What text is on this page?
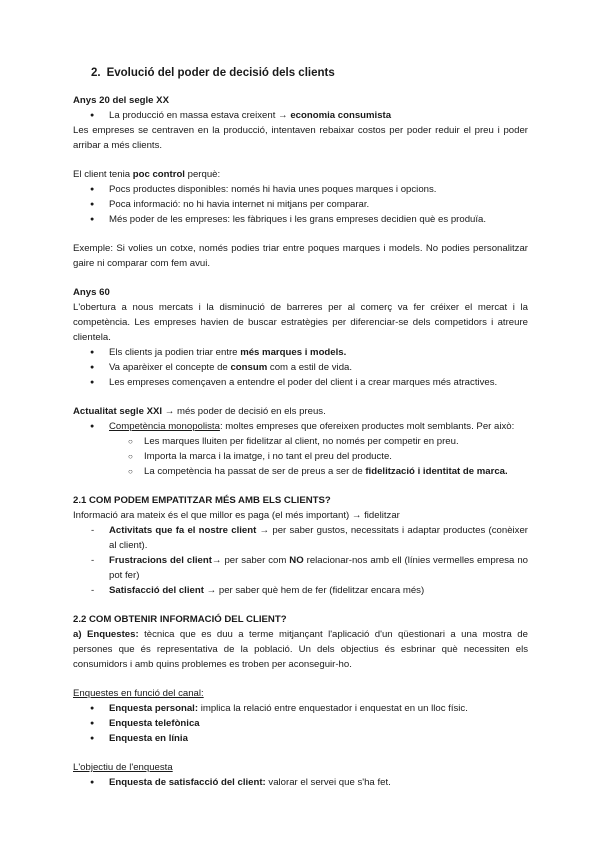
2. Evolució del poder de decisió dels clients
Anys 20 del segle XX
● La producció en massa estava creixent → economia consumista

Les empreses se centraven en la producció, intentaven rebaixar costos per poder reduir el preu i poder arribar a més clients.

El client tenia poc control perquè:

● Pocs productes disponibles: només hi havia unes poques marques i opcions.
● Poca informació: no hi havia internet ni mitjans per comparar.
● Més poder de les empreses: les fàbriques i les grans empreses decidien què es produïa.

Exemple: Si volies un cotxe, només podies triar entre poques marques i models. No podies personalitzar gaire ni comparar com fem avui.

Anys 60

L'obertura a nous mercats i la disminució de barreres per al comerç va fer créixer el mercat i la competència. Les empreses havien de buscar estratègies per diferenciar-se dels competidors i atreure clientela.

● Els clients ja podien triar entre més marques i models.
● Va aparèixer el concepte de consum com a estil de vida.
● Les empreses començaven a entendre el poder del client i a crear marques més atractives.

Actualitat segle XXI → més poder de decisió en els preus.

● Competència monopolista: moltes empreses que ofereixen productes molt semblants. Per això:
○ Les marques lluiten per fidelitzar al client, no només per competir en preu.
○ Importa la marca i la imatge, i no tant el preu del producte.
○ La competència ha passat de ser de preus a ser de fidelització i identitat de marca.
2.1 COM PODEM EMPATITZAR MÉS AMB ELS CLIENTS?

Informació ara mateix és el que millor es paga (el més important) → fidelitzar

- Activitats que fa el nostre client → per saber gustos, necessitats i adaptar productes (conèixer al client).
- Frustracions del client→ per saber com NO relacionar-nos amb ell (línies vermelles empresa no pot fer)
- Satisfacció del client → per saber què hem de fer (fidelitzar encara més)
2.2 COM OBTENIR INFORMACIÓ DEL CLIENT?

a) Enquestes: tècnica que es duu a terme mitjançant l'aplicació d'un qüestionari a una mostra de persones que és representativa de la població. Un dels objectius és esbrinar què necessiten els consumidors i amb quins problemes es troben per aconseguir-ho.

Enquestes en funció del canal:

● Enquesta personal: implica la relació entre enquestador i enquestat en un lloc físic.
● Enquesta telefònica
● Enquesta en línia

L'objectiu de l'enquesta

● Enquesta de satisfacció del client: valorar el servei que s'ha fet.
